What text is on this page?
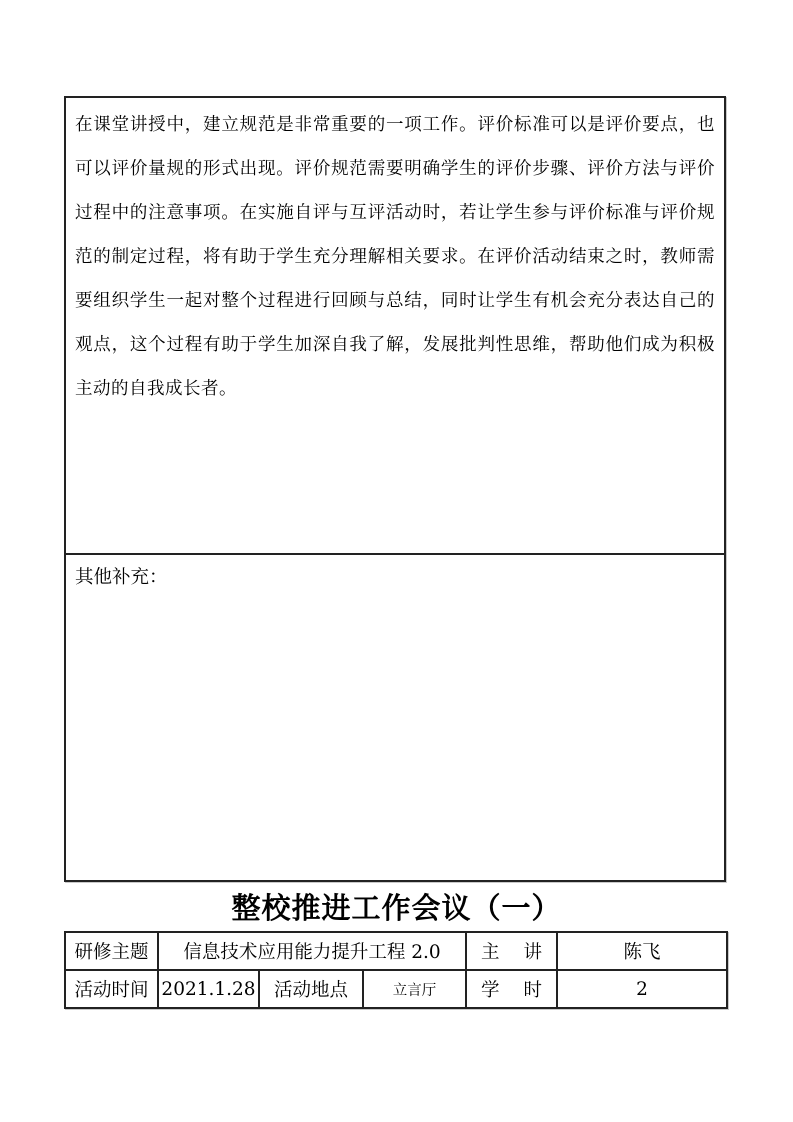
在课堂讲授中，建立规范是非常重要的一项工作。评价标准可以是评价要点，也
可以评价量规的形式出现。评价规范需要明确学生的评价步骤、评价方法与评价
过程中的注意事项。在实施自评与互评活动时，若让学生参与评价标准与评价规
范的制定过程，将有助于学生充分理解相关要求。在评价活动结束之时，教师需
要组织学生一起对整个过程进行回顾与总结，同时让学生有机会充分表达自己的
观点，这个过程有助于学生加深自我了解，发展批判性思维，帮助他们成为积极
主动的自我成长者。
其他补充：
整校推进工作会议（一）
研修主题	信息技术应用能力提升工程 2.0			主 讲	陈飞
活动时间	2021.1.28	活动地点	立言厅	学 时	2
